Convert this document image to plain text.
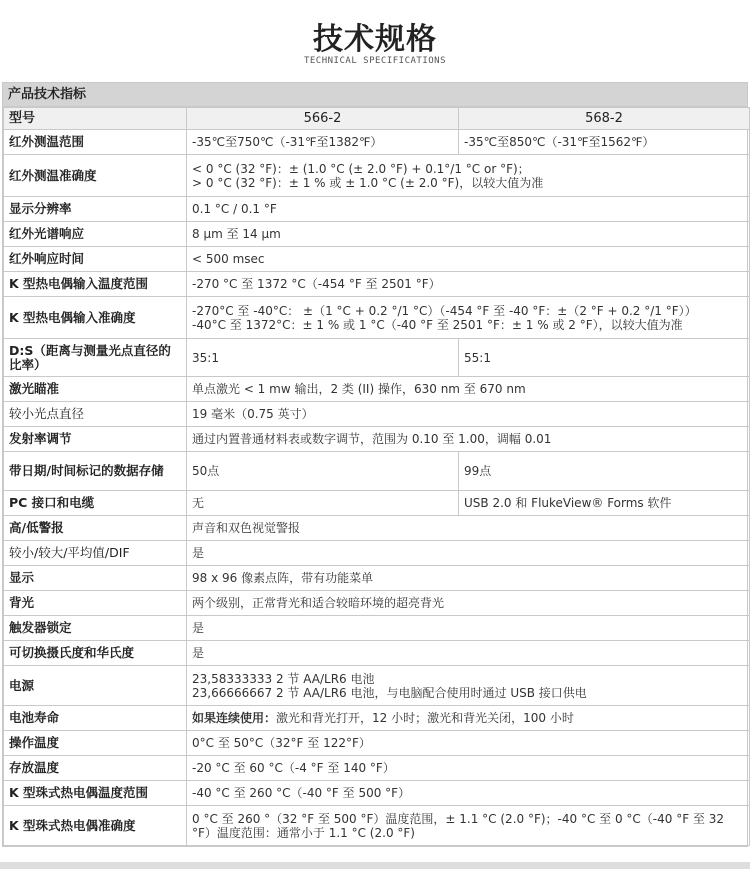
技术规格
TECHNICAL SPECIFICATIONS
产品技术指标
型号	566-2	568-2
红外测温范围	-35℃至750℃（-31℉至1382℉）	-35℃至850℃（-31℉至1562℉）
红外测温准确度	< 0 °C (32 °F)：± (1.0 °C (± 2.0 °F) + 0.1°/1 °C or °F)；
> 0 °C (32 °F)：± 1 % 或 ± 1.0 °C (± 2.0 °F)，以较大值为准	

显示分辨率	0.1 °C / 0.1 °F	
红外光谱响应	8 µm 至 14 µm	
红外响应时间	< 500 msec	
K 型热电偶输入温度范围	-270 °C 至 1372 °C（-454 °F 至 2501 °F）	
K 型热电偶输入准确度	-270°C 至 -40°C： ±（1 °C + 0.2 °/1 °C）（-454 °F 至 -40 °F：±（2 °F + 0.2 °/1 °F））
-40°C 至 1372°C：± 1 % 或 1 °C（-40 °F 至 2501 °F：± 1 % 或 2 °F），以较大值为准	

D:S（距离与测量光点直径的比率）	35:1	55:1
激光瞄准	单点激光 < 1 mw 输出，2 类 (II) 操作，630 nm 至 670 nm	
较小光点直径	19 毫米（0.75 英寸）	
发射率调节	通过内置普通材料表或数字调节，范围为 0.10 至 1.00，调幅 0.01	
带日期/时间标记的数据存储	50点	99点
PC 接口和电缆	无	USB 2.0 和 FlukeView® Forms 软件
高/低警报	声音和双色视觉警报	
较小/较大/平均值/DIF	是	
显示	98 x 96 像素点阵，带有功能菜单	
背光	两个级别，正常背光和适合较暗环境的超亮背光	
触发器锁定	是	
可切换摄氏度和华氏度	是	
电源	23,58333333 2 节 AA/LR6 电池
23,66666667 2 节 AA/LR6 电池，与电脑配合使用时通过 USB 接口供电	

电池寿命	如果连续使用：激光和背光打开，12 小时；激光和背光关闭，100 小时	
操作温度	0°C 至 50°C（32°F 至 122°F）	
存放温度	-20 °C 至 60 °C（-4 °F 至 140 °F）	
K 型珠式热电偶温度范围	-40 °C 至 260 °C（-40 °F 至 500 °F）	
K 型珠式热电偶准确度	0 °C 至 260 °（32 °F 至 500 °F）温度范围，± 1.1 °C (2.0 °F)；-40 °C 至 0 °C（-40 °F 至 32 °F）温度范围：通常小于 1.1 °C (2.0 °F)	
